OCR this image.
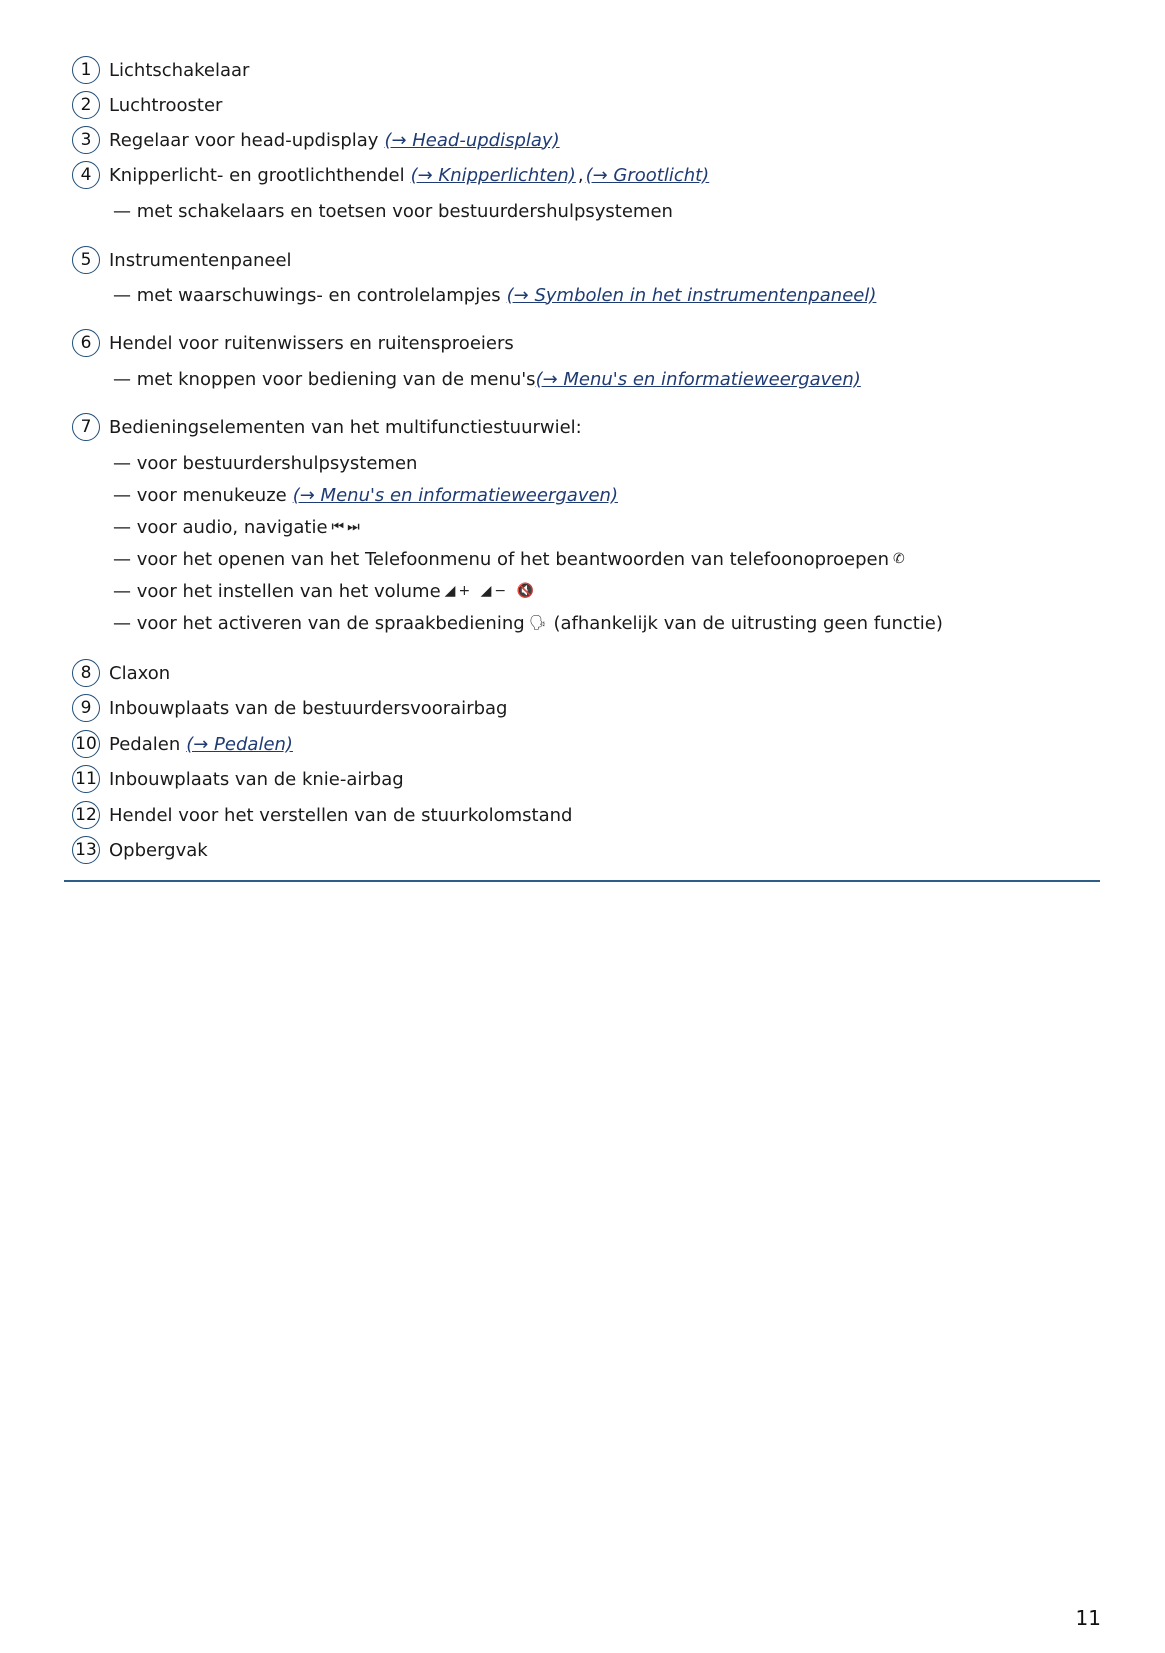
1 Lichtschakelaar
2 Luchtrooster
3 Regelaar voor head-updisplay (→ Head-updisplay)
4 Knipperlicht- en grootlichthendel (→ Knipperlichten) , (→ Grootlicht)
— met schakelaars en toetsen voor bestuurdershulpsystemen
5 Instrumentenpaneel
— met waarschuwings- en controlelampjes (→ Symbolen in het instrumentenpaneel)
6 Hendel voor ruitenwissers en ruitensproeiers
— met knoppen voor bediening van de menu's (→ Menu's en informatieweergaven)
7 Bedieningselementen van het multifunctiestuurwiel:
— voor bestuurdershulpsystemen
— voor menukeuze (→ Menu's en informatieweergaven)
— voor audio, navigatie ⏮⏭
— voor het openen van het Telefoonmenu of het beantwoorden van telefoonoproepen ✆
— voor het instellen van het volume ◢+ ◢− 🔇
— voor het activeren van de spraakbediening 🗣 (afhankelijk van de uitrusting geen functie)
8 Claxon
9 Inbouwplaats van de bestuurdersvoorairbag
10 Pedalen (→ Pedalen)
11 Inbouwplaats van de knie-airbag
12 Hendel voor het verstellen van de stuurkolomstand
13 Opbergvak
11
